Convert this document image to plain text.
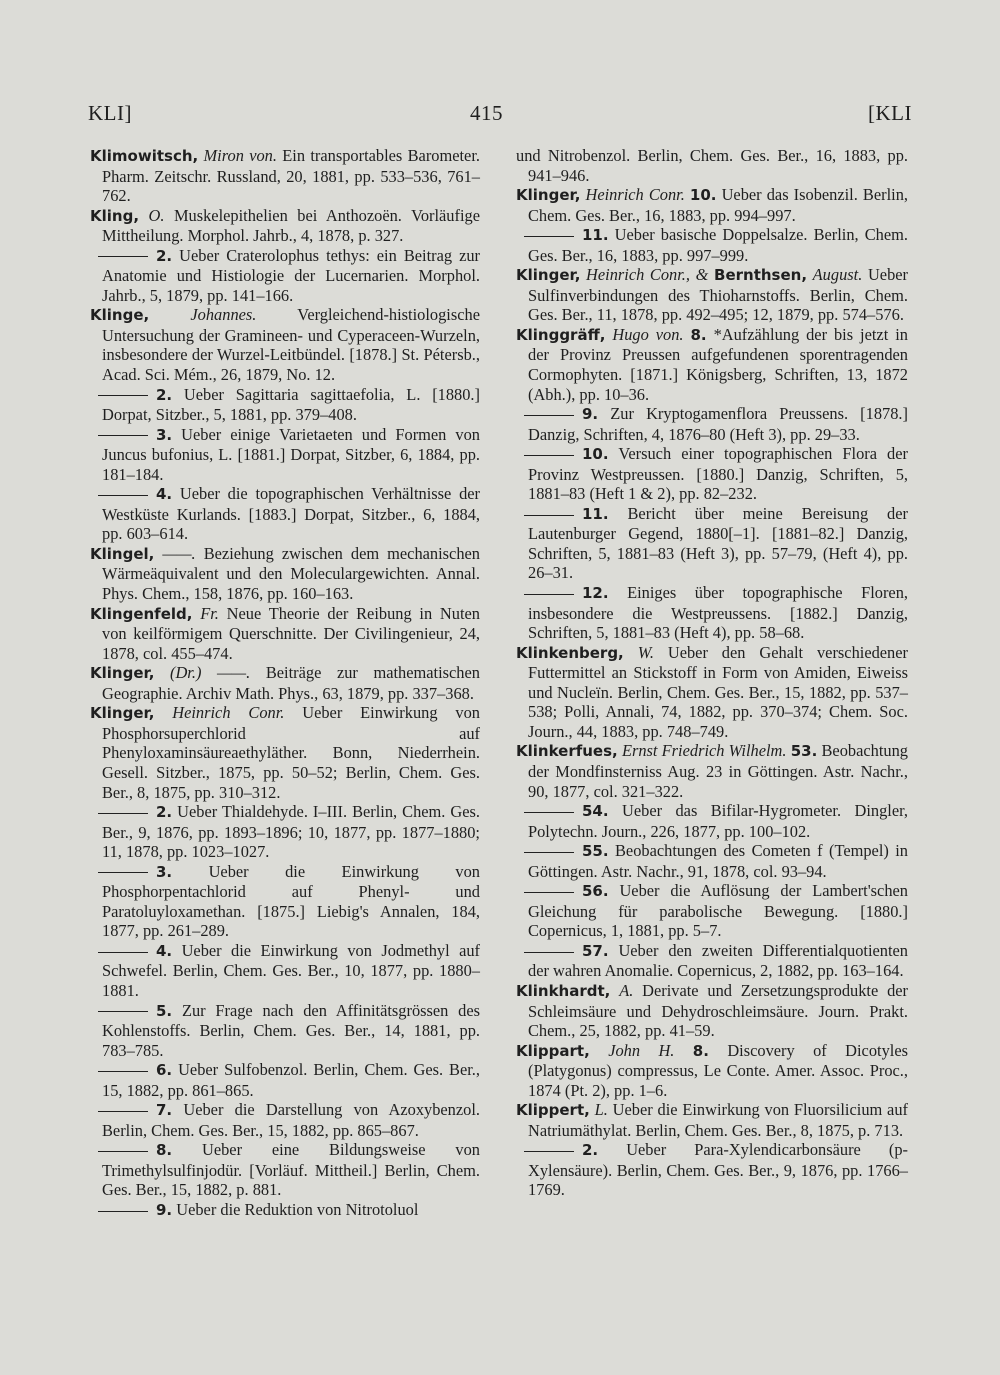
KLI]	415	[KLI

Klimowitsch, Miron von. Ein transportables Barometer. Pharm. Zeitschr. Russland, 20, 1881, pp. 533–536, 761–762.

Kling, O. Muskelepithelien bei Anthozoën. Vorläufige Mittheilung. Morphol. Jahrb., 4, 1878, p. 327.

2. Ueber Craterolophus tethys: ein Beitrag zur Anatomie und Histiologie der Lucernarien. Morphol. Jahrb., 5, 1879, pp. 141–166.

Klinge,	Johannes. Vergleichend-histiologische Untersuchung der Gramineen- und Cyperaceen-Wurzeln, insbesondere der Wurzel-Leitbündel. [1878.] St. Pétersb., Acad. Sci. Mém., 26, 1879, No. 12.

2. Ueber Sagittaria sagittaefolia, L. [1880.] Dorpat, Sitzber., 5, 1881, pp. 379–408.

3. Ueber einige Varietaeten und Formen von Juncus bufonius, L. [1881.] Dorpat, Sitzber, 6, 1884, pp. 181–184.

4. Ueber die topographischen Verhältnisse der Westküste Kurlands. [1883.] Dorpat, Sitzber., 6, 1884, pp. 603–614.

Klingel, ——. Beziehung zwischen dem mechanischen Wärmeäquivalent und den Moleculargewichten. Annal. Phys. Chem., 158, 1876, pp. 160–163.

Klingenfeld, Fr. Neue Theorie der Reibung in Nuten von keilförmigem Querschnitte. Der Civilingenieur, 24, 1878, col. 455–474.

Klinger, (Dr.) ——. Beiträge zur mathematischen Geographie. Archiv Math. Phys., 63, 1879, pp. 337–368.

Klinger, Heinrich Conr. Ueber Einwirkung von Phosphorsuperchlorid auf Phenyloxaminsäureaethyläther. Bonn, Niederrhein. Gesell. Sitzber., 1875, pp. 50–52; Berlin, Chem. Ges. Ber., 8, 1875, pp. 310–312.

2. Ueber Thialdehyde. I–III. Berlin, Chem. Ges. Ber., 9, 1876, pp. 1893–1896; 10, 1877, pp. 1877–1880; 11, 1878, pp. 1023–1027.

3. Ueber die Einwirkung von Phosphorpentachlorid auf Phenyl- und Paratoluyloxamethan. [1875.] Liebig's Annalen, 184, 1877, pp. 261–289.

4. Ueber die Einwirkung von Jodmethyl auf Schwefel. Berlin, Chem. Ges. Ber., 10, 1877, pp. 1880–1881.

5. Zur Frage nach den Affinitätsgrössen des Kohlenstoffs. Berlin, Chem. Ges. Ber., 14, 1881, pp. 783–785.

6. Ueber Sulfobenzol. Berlin, Chem. Ges. Ber., 15, 1882, pp. 861–865.

7. Ueber die Darstellung von Azoxybenzol. Berlin, Chem. Ges. Ber., 15, 1882, pp. 865–867.

8. Ueber eine Bildungsweise von Trimethylsulfinjodür. [Vorläuf. Mittheil.] Berlin, Chem. Ges. Ber., 15, 1882, p. 881.

9. Ueber die Reduktion von Nitrotoluol

und Nitrobenzol. Berlin, Chem. Ges. Ber., 16, 1883, pp. 941–946.

Klinger, Heinrich Conr. 10. Ueber das Isobenzil. Berlin, Chem. Ges. Ber., 16, 1883, pp. 994–997.

11. Ueber basische Doppelsalze. Berlin, Chem. Ges. Ber., 16, 1883, pp. 997–999.

Klinger, Heinrich Conr., & Bernthsen, August. Ueber Sulfinverbindungen des Thioharnstoffs. Berlin, Chem. Ges. Ber., 11, 1878, pp. 492–495; 12, 1879, pp. 574–576.

Klinggräff, Hugo von. 8. *Aufzählung der bis jetzt in der Provinz Preussen aufgefundenen sporentragenden Cormophyten. [1871.] Königsberg, Schriften, 13, 1872 (Abh.), pp. 10–36.

9. Zur Kryptogamenflora Preussens. [1878.] Danzig, Schriften, 4, 1876–80 (Heft 3), pp. 29–33.

10. Versuch einer topographischen Flora der Provinz Westpreussen. [1880.] Danzig, Schriften, 5, 1881–83 (Heft 1 & 2), pp. 82–232.

11. Bericht über meine Bereisung der Lautenburger Gegend, 1880[–1]. [1881–82.] Danzig, Schriften, 5, 1881–83 (Heft 3), pp. 57–79, (Heft 4), pp. 26–31.

12. Einiges über topographische Floren, insbesondere die Westpreussens. [1882.] Danzig, Schriften, 5, 1881–83 (Heft 4), pp. 58–68.

Klinkenberg, W. Ueber den Gehalt verschiedener Futtermittel an Stickstoff in Form von Amiden, Eiweiss und Nucleïn. Berlin, Chem. Ges. Ber., 15, 1882, pp. 537–538; Polli, Annali, 74, 1882, pp. 370–374; Chem. Soc. Journ., 44, 1883, pp. 748–749.

Klinkerfues, Ernst Friedrich Wilhelm. 53. Beobachtung der Mondfinsterniss Aug. 23 in Göttingen. Astr. Nachr., 90, 1877, col. 321–322.

54. Ueber das Bifilar-Hygrometer. Dingler, Polytechn. Journ., 226, 1877, pp. 100–102.

55. Beobachtungen des Cometen f (Tempel) in Göttingen. Astr. Nachr., 91, 1878, col. 93–94.

56. Ueber die Auflösung der Lambert'schen Gleichung für parabolische Bewegung. [1880.] Copernicus, 1, 1881, pp. 5–7.

57. Ueber den zweiten Differentialquotienten der wahren Anomalie. Copernicus, 2, 1882, pp. 163–164.

Klinkhardt, A. Derivate und Zersetzungsprodukte der Schleimsäure und Dehydroschleimsäure. Journ. Prakt. Chem., 25, 1882, pp. 41–59.

Klippart, John H. 8. Discovery of Dicotyles (Platygonus) compressus, Le Conte. Amer. Assoc. Proc., 1874 (Pt. 2), pp. 1–6.

Klippert, L. Ueber die Einwirkung von Fluorsilicium auf Natriumäthylat. Berlin, Chem. Ges. Ber., 8, 1875, p. 713.

2. Ueber Para-Xylendicarbonsäure (p-Xylensäure). Berlin, Chem. Ges. Ber., 9, 1876, pp. 1766–1769.
